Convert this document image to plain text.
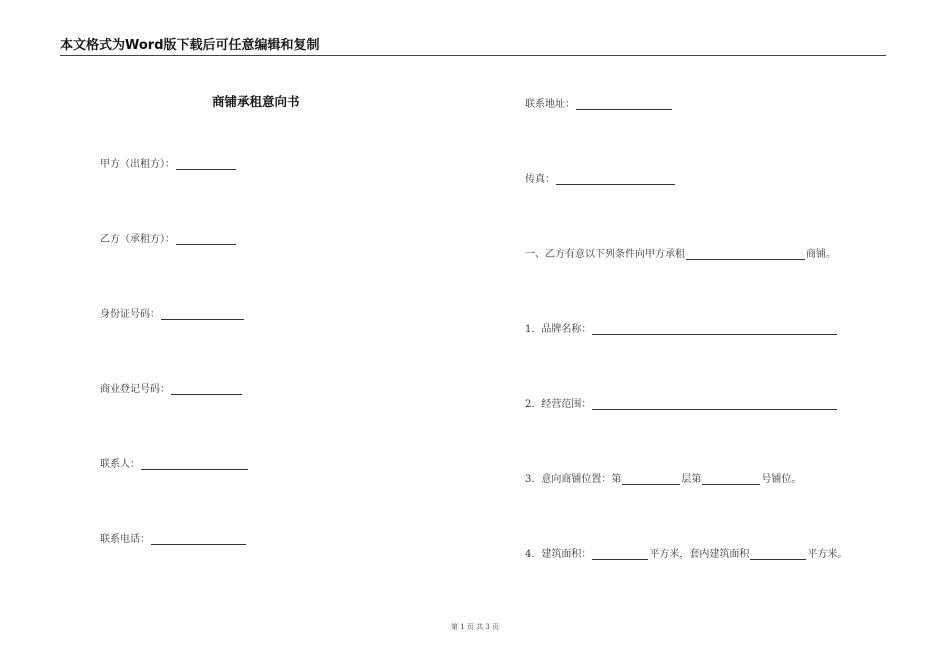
本文格式为Word版下载后可任意编辑和复制
商铺承租意向书
甲方（出租方）：
乙方（承租方）：
身份证号码：
商业登记号码：
联系人：
联系电话：
联系地址：
传真：
一、乙方有意以下列条件向甲方承租	商铺。
1．品牌名称：
2．经营范围：
3．意向商铺位置：第	层第	号铺位。
4．建筑面积：	平方米，套内建筑面积	平方米。
第 1 页 共 3 页
